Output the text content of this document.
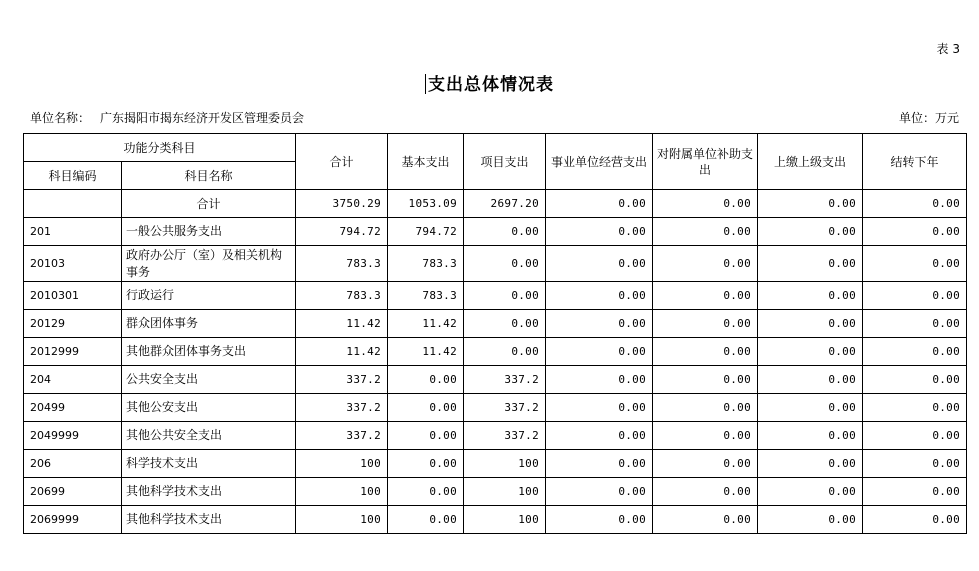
表 3
支出总体情况表
单位名称： 广东揭阳市揭东经济开发区管理委员会	单位：万元
功能分类科目		合计	基本支出	项目支出	事业单位经营支出	对附属单位补助支出	上缴上级支出	结转下年
科目编码	科目名称							
	合计	3750.29	1053.09	2697.20	0.00	0.00	0.00	0.00
201	一般公共服务支出	794.72	794.72	0.00	0.00	0.00	0.00	0.00
20103	政府办公厅（室）及相关机构事务	783.3	783.3	0.00	0.00	0.00	0.00	0.00
2010301	行政运行	783.3	783.3	0.00	0.00	0.00	0.00	0.00
20129	群众团体事务	11.42	11.42	0.00	0.00	0.00	0.00	0.00
2012999	其他群众团体事务支出	11.42	11.42	0.00	0.00	0.00	0.00	0.00
204	公共安全支出	337.2	0.00	337.2	0.00	0.00	0.00	0.00
20499	其他公安支出	337.2	0.00	337.2	0.00	0.00	0.00	0.00
2049999	其他公共安全支出	337.2	0.00	337.2	0.00	0.00	0.00	0.00
206	科学技术支出	100	0.00	100	0.00	0.00	0.00	0.00
20699	其他科学技术支出	100	0.00	100	0.00	0.00	0.00	0.00
2069999	其他科学技术支出	100	0.00	100	0.00	0.00	0.00	0.00
